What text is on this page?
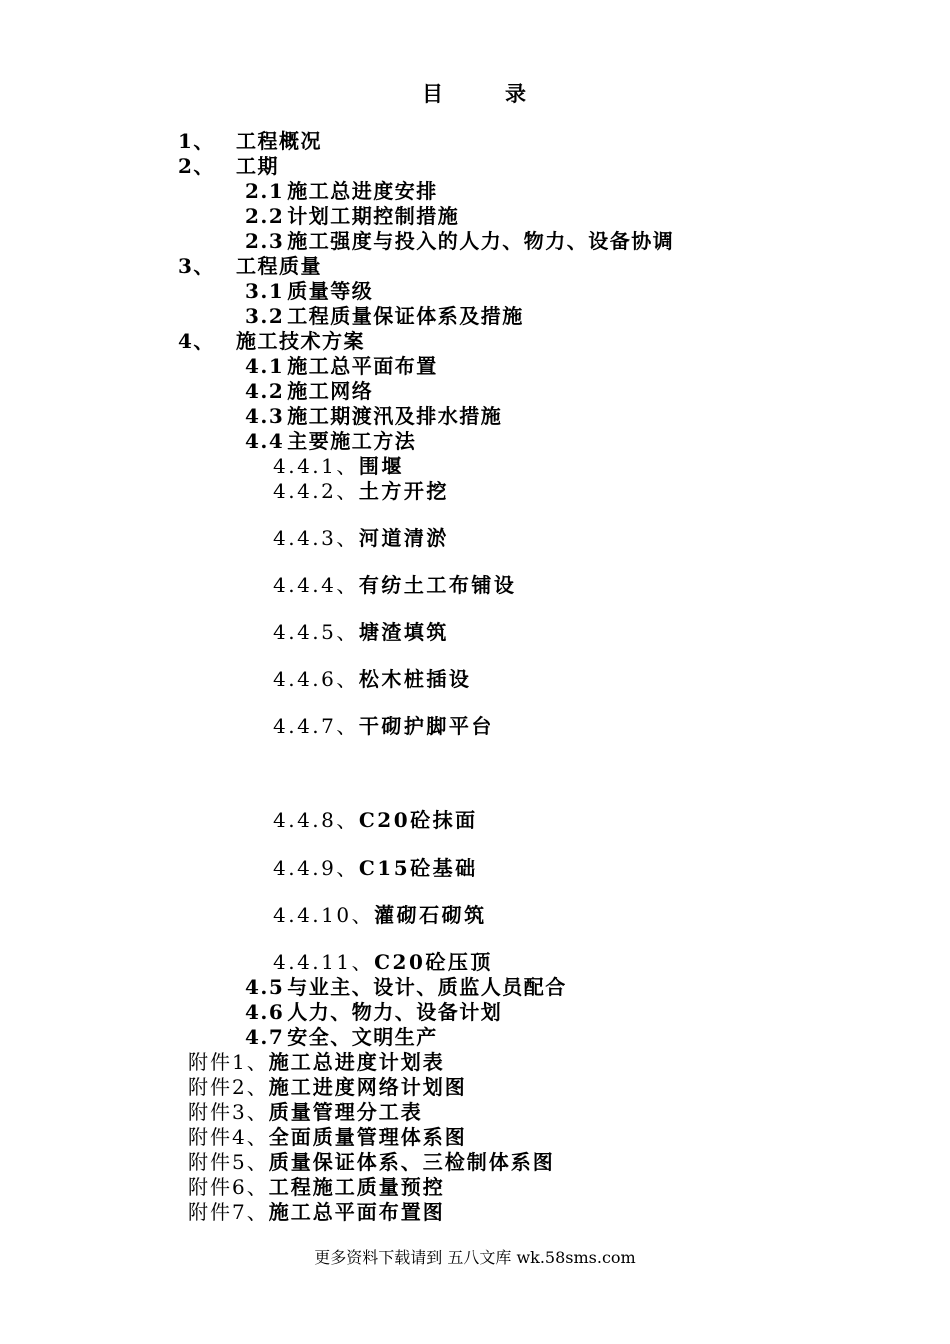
目	录
1、 工程概况
2、 工期
2.1 施工总进度安排
2.2 计划工期控制措施
2.3 施工强度与投入的人力、物力、设备协调
3、 工程质量
3.1 质量等级
3.2 工程质量保证体系及措施
4、 施工技术方案
4.1 施工总平面布置
4.2 施工网络
4.3 施工期渡汛及排水措施
4.4 主要施工方法
4.4.1、围堰
4.4.2、土方开挖
4.4.3、河道清淤
4.4.4、有纺土工布铺设
4.4.5、塘渣填筑
4.4.6、松木桩插设
4.4.7、干砌护脚平台
4.4.8、C20砼抹面
4.4.9、C15砼基础
4.4.10、灌砌石砌筑
4.4.11、C20砼压顶
4.5 与业主、设计、质监人员配合
4.6 人力、物力、设备计划
4.7 安全、文明生产
附件1、施工总进度计划表
附件2、施工进度网络计划图
附件3、质量管理分工表
附件4、全面质量管理体系图
附件5、质量保证体系、三检制体系图
附件6、工程施工质量预控
附件7、施工总平面布置图
更多资料下载请到 五八文库 wk.58sms.com
